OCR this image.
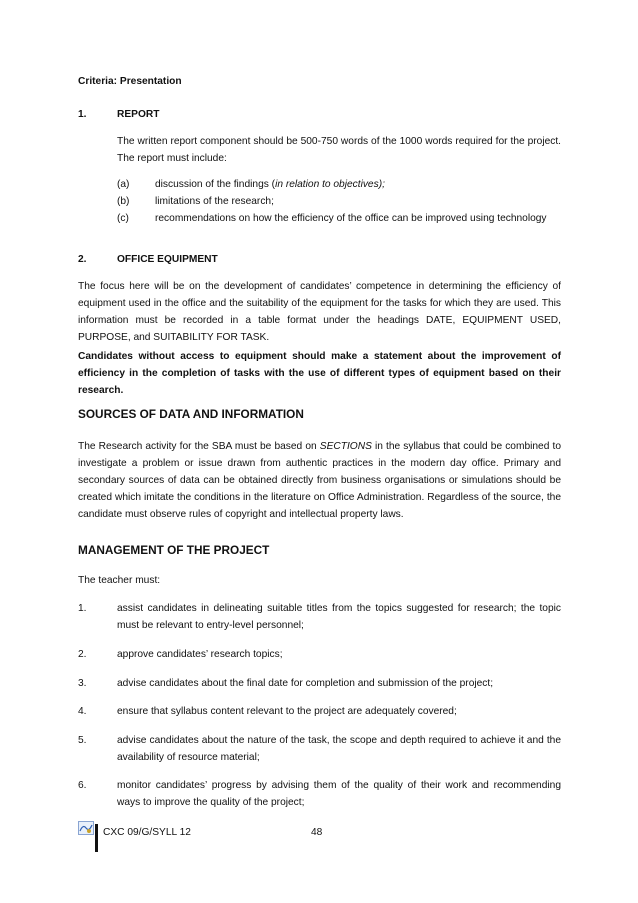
Criteria: Presentation
1.	REPORT

The written report component should be 500-750 words of the 1000 words required for the project. The report must include:

(a)	discussion of the findings (in relation to objectives);

(b)	limitations of the research;

(c)	recommendations on how the efficiency of the office can be improved using technology

2.	OFFICE EQUIPMENT

The focus here will be on the development of candidates’ competence in determining the efficiency of equipment used in the office and the suitability of the equipment for the tasks for which they are used. This information must be recorded in a table format under the headings DATE, EQUIPMENT USED, PURPOSE, and SUITABILITY FOR TASK.

Candidates without access to equipment should make a statement about the improvement of efficiency in the completion of tasks with the use of different types of equipment based on their research.

SOURCES OF DATA AND INFORMATION

The Research activity for the SBA must be based on SECTIONS in the syllabus that could be combined to investigate a problem or issue drawn from authentic practices in the modern day office. Primary and secondary sources of data can be obtained directly from business organisations or simulations should be created which imitate the conditions in the literature on Office Administration. Regardless of the source, the candidate must observe rules of copyright and intellectual property laws.

MANAGEMENT OF THE PROJECT
The teacher must:
1.	assist candidates in delineating suitable titles from the topics suggested for research; the topic must be relevant to entry-level personnel;

2.	approve candidates’ research topics;

3.	advise candidates about the final date for completion and submission of the project;

4.	ensure that syllabus content relevant to the project are adequately covered;

5.	advise candidates about the nature of the task, the scope and depth required to achieve it and the availability of resource material;

6.	monitor candidates’ progress by advising them of the quality of their work and recommending ways to improve the quality of the project;

CXC 09/G/SYLL 12	48
